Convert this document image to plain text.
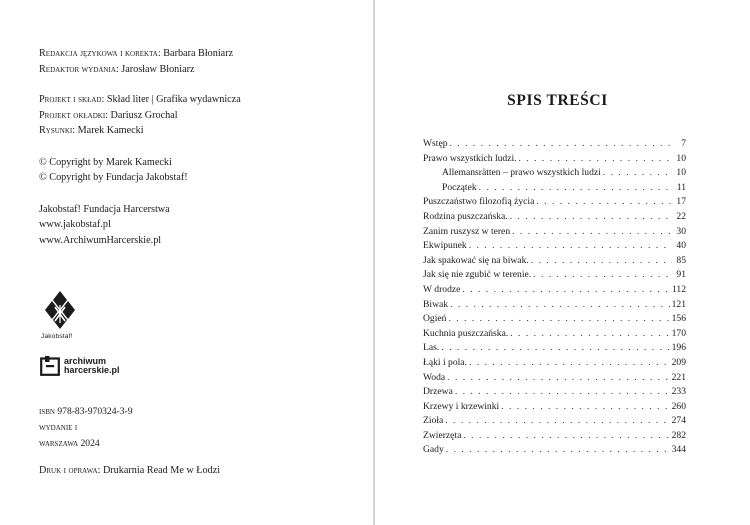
Redakcja językowa i korekta: Barbara Błoniarz
Redaktor wydania: Jarosław Błoniarz
Projekt i skład: Skład liter | Grafika wydawnicza
Projekt okładki: Dariusz Grochal
Rysunki: Marek Kamecki
© Copyright by Marek Kamecki
© Copyright by Fundacja Jakobstaf!
Jakobstaf! Fundacja Harcerstwa
www.jakobstaf.pl
www.ArchiwumHarcerskie.pl
Jakobstaf!
archiwum
harcerskie.pl
isbn 978-83-970324-3-9
wydanie i
warszawa 2024
Druk i oprawa: Drukarnia Read Me w Łodzi
SPIS TREŚCI
Wstęp . . .	7
Prawo wszystkich ludzi. . . .	10
Allemansrätten – prawo wszystkich ludzi . . .	10
Początek . . .	11
Puszczaństwo filozofią życia . . .	17
Rodzina puszczańska. . . .	22
Zanim ruszysz w teren . . .	30
Ekwipunek . . .	40
Jak spakować się na biwak. . . .	85
Jak się nie zgubić w terenie. . . .	91
W drodze . . .	112
Biwak . . .	121
Ogień . . .	156
Kuchnia puszczańska. . . .	170
Las. . . .	196
Łąki i pola. . . .	209
Woda . . .	221
Drzewa . . .	233
Krzewy i krzewinki . . .	260
Zioła . . .	274
Zwierzęta . . .	282
Gady . . .	344
